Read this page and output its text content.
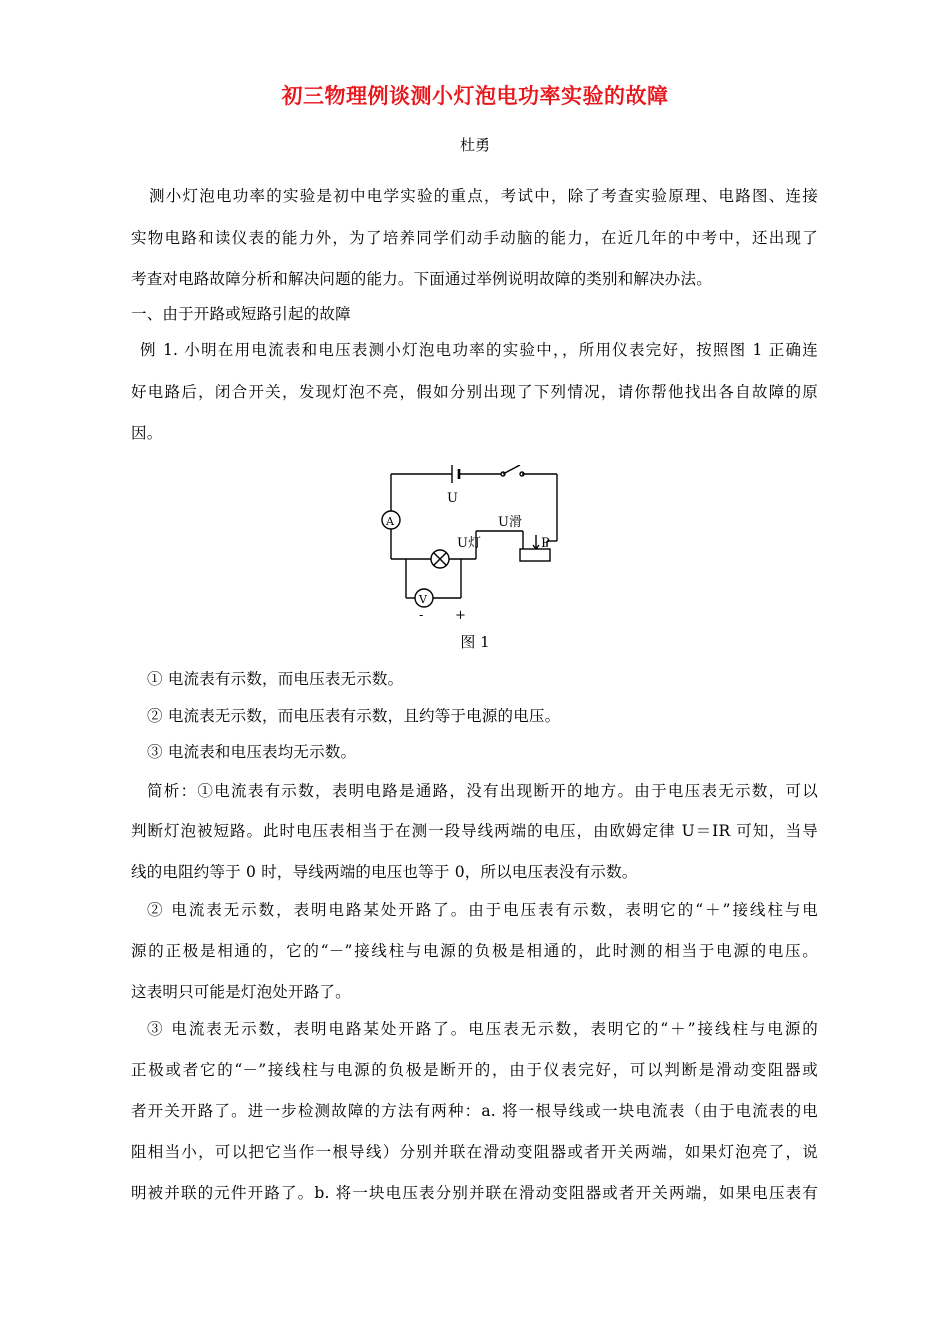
初三物理例谈测小灯泡电功率实验的故障
杜勇
测小灯泡电功率的实验是初中电学实验的重点，考试中，除了考查实验原理、电路图、连接
实物电路和读仪表的能力外，为了培养同学们动手动脑的能力，在近几年的中考中，还出现了
考查对电路故障分析和解决问题的能力。下面通过举例说明故障的类别和解决办法。
一、由于开路或短路引起的故障
例 1. 小明在用电流表和电压表测小灯泡电功率的实验中，，所用仪表完好，按照图 1 正确连
好电路后，闭合开关，发现灯泡不亮，假如分别出现了下列情况，请你帮他找出各自故障的原
因。
U
A
V
U灯
U滑
P
- +
图 1
① 电流表有示数，而电压表无示数。
② 电流表无示数，而电压表有示数，且约等于电源的电压。
③ 电流表和电压表均无示数。
简析：①电流表有示数，表明电路是通路，没有出现断开的地方。由于电压表无示数，可以
判断灯泡被短路。此时电压表相当于在测一段导线两端的电压，由欧姆定律 U＝IR 可知，当导
线的电阻约等于 0 时，导线两端的电压也等于 0，所以电压表没有示数。
② 电流表无示数，表明电路某处开路了。由于电压表有示数，表明它的“＋”接线柱与电
源的正极是相通的，它的“－”接线柱与电源的负极是相通的，此时测的相当于电源的电压。
这表明只可能是灯泡处开路了。
③ 电流表无示数，表明电路某处开路了。电压表无示数，表明它的“＋”接线柱与电源的
正极或者它的“－”接线柱与电源的负极是断开的，由于仪表完好，可以判断是滑动变阻器或
者开关开路了。进一步检测故障的方法有两种：a. 将一根导线或一块电流表（由于电流表的电
阻相当小，可以把它当作一根导线）分别并联在滑动变阻器或者开关两端，如果灯泡亮了，说
明被并联的元件开路了。b. 将一块电压表分别并联在滑动变阻器或者开关两端，如果电压表有
